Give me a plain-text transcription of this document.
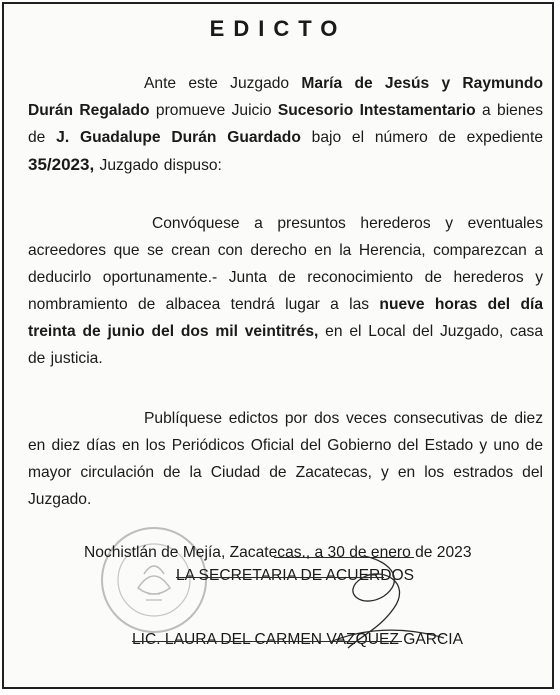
EDICTO

Ante este Juzgado María de Jesús y Raymundo Durán Regalado promueve Juicio Sucesorio Intestamentario a bienes de J. Guadalupe Durán Guardado bajo el número de expediente 35/2023, Juzgado dispuso:

Convóquese a presuntos herederos y eventuales acreedores que se crean con derecho en la Herencia, comparezcan a deducirlo oportunamente.- Junta de reconocimiento de herederos y nombramiento de albacea tendrá lugar a las nueve horas del día treinta de junio del dos mil veintitrés, en el Local del Juzgado, casa de justicia.

Publíquese edictos por dos veces consecutivas de diez en diez días en los Periódicos Oficial del Gobierno del Estado y uno de mayor circulación de la Ciudad de Zacatecas, y en los estrados del Juzgado.

Nochistlán de Mejía, Zacatecas., a 30 de enero de 2023
LA SECRETARIA DE ACUERDOS
LIC. LAURA DEL CARMEN VAZQUEZ GARCIA
